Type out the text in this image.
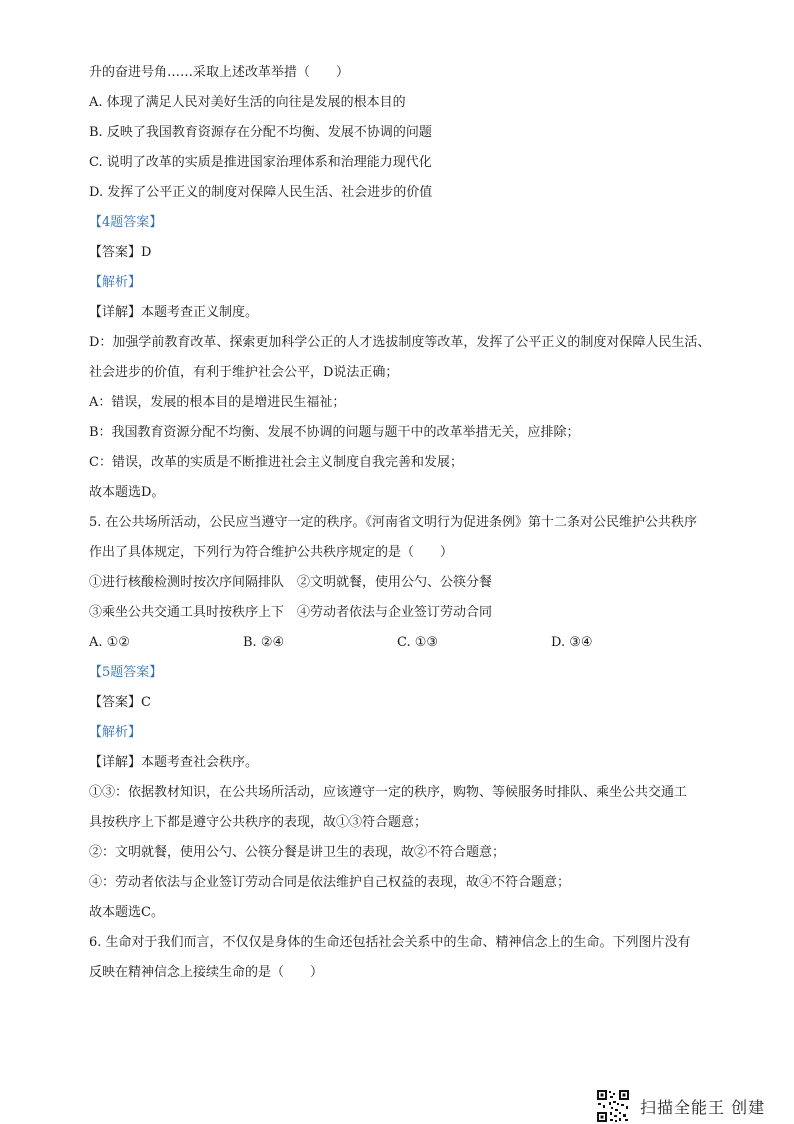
升的奋进号角……采取上述改革举措（　　）
A. 体现了满足人民对美好生活的向往是发展的根本目的
B. 反映了我国教育资源存在分配不均衡、发展不协调的问题
C. 说明了改革的实质是推进国家治理体系和治理能力现代化
D. 发挥了公平正义的制度对保障人民生活、社会进步的价值
【4题答案】
【答案】D
【解析】
【详解】本题考查正义制度。
D：加强学前教育改革、探索更加科学公正的人才选拔制度等改革，发挥了公平正义的制度对保障人民生活、
社会进步的价值，有利于维护社会公平，D说法正确；
A：错误，发展的根本目的是增进民生福祉；
B：我国教育资源分配不均衡、发展不协调的问题与题干中的改革举措无关，应排除；
C：错误，改革的实质是不断推进社会主义制度自我完善和发展；
故本题选D。
5. 在公共场所活动，公民应当遵守一定的秩序。《河南省文明行为促进条例》第十二条对公民维护公共秩序
作出了具体规定，下列行为符合维护公共秩序规定的是（　　）
①进行核酸检测时按次序间隔排队　②文明就餐，使用公勺、公筷分餐
③乘坐公共交通工具时按秩序上下　④劳动者依法与企业签订劳动合同
A. ①②	B. ②④	C. ①③	D. ③④
【5题答案】
【答案】C
【解析】
【详解】本题考查社会秩序。
①③：依据教材知识，在公共场所活动，应该遵守一定的秩序，购物、等候服务时排队、乘坐公共交通工
具按秩序上下都是遵守公共秩序的表现，故①③符合题意；
②：文明就餐，使用公勺、公筷分餐是讲卫生的表现，故②不符合题意；
④：劳动者依法与企业签订劳动合同是依法维护自己权益的表现，故④不符合题意；
故本题选C。
6. 生命对于我们而言，不仅仅是身体的生命还包括社会关系中的生命、精神信念上的生命。下列图片没有
反映在精神信念上接续生命的是（　　）
扫描全能王 创建
